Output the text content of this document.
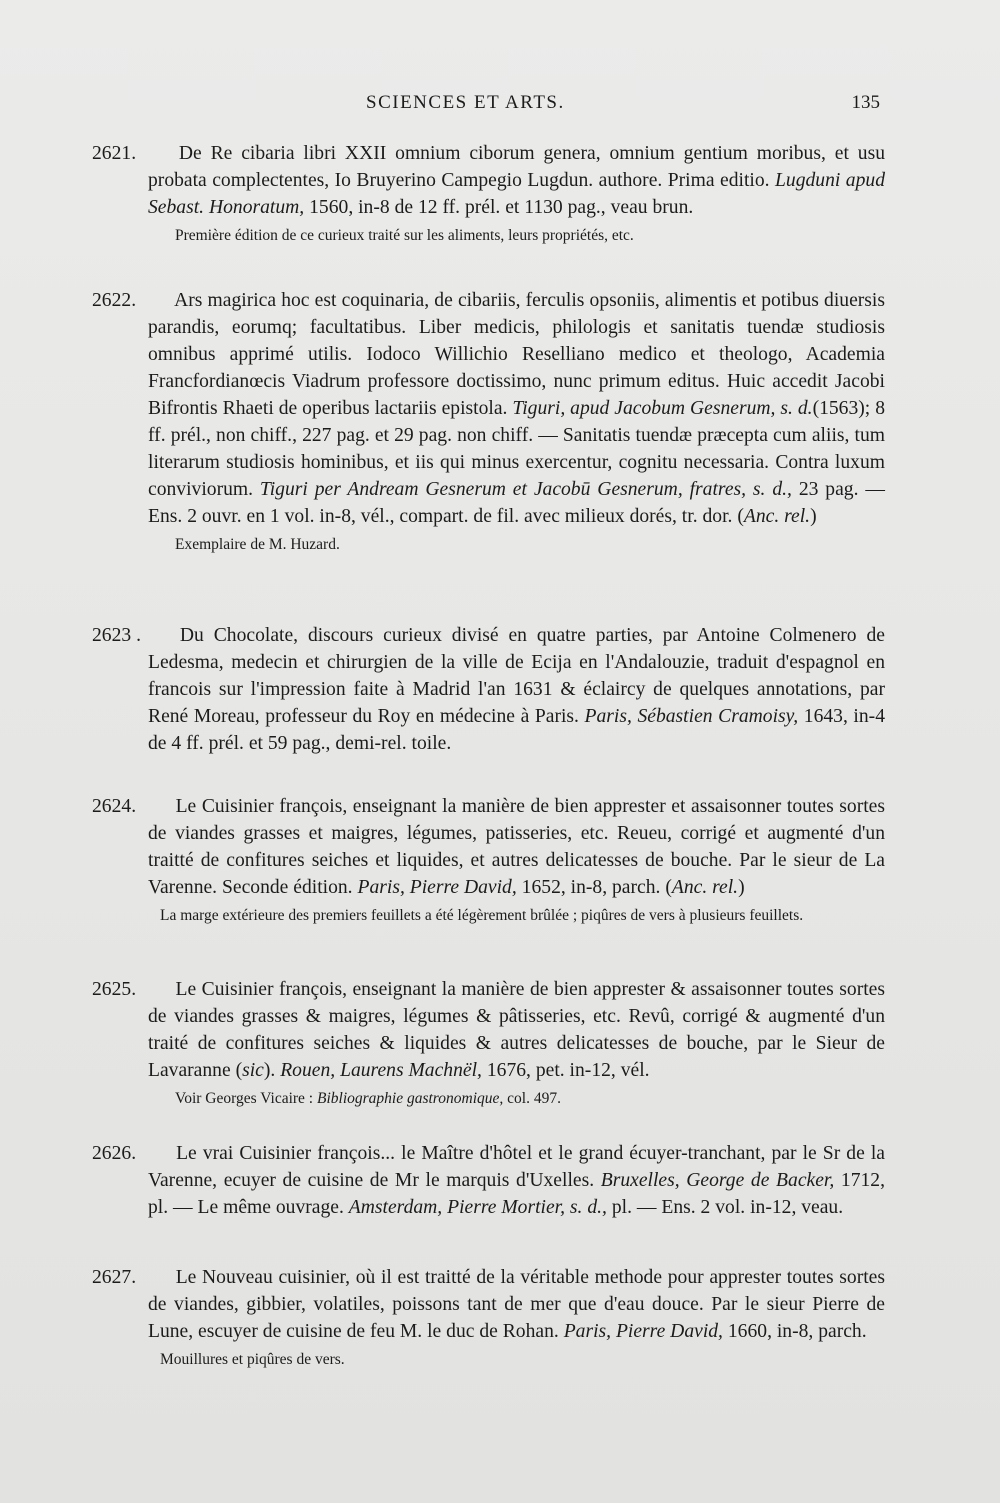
SCIENCES ET ARTS.	135

2621. De Re cibaria libri XXII omnium ciborum genera, omnium gentium moribus, et usu probata complectentes, Io Bruyerino Campegio Lugdun. authore. Prima editio. Lugduni apud Sebast. Honoratum, 1560, in-8 de 12 ff. prél. et 1130 pag., veau brun.

Première édition de ce curieux traité sur les aliments, leurs propriétés, etc.

2622. Ars magirica hoc est coquinaria, de cibariis, ferculis opsoniis, alimentis et potibus diuersis parandis, eorumq; facultatibus. Liber medicis, philologis et sanitatis tuendæ studiosis omnibus apprimé utilis. Iodoco Willichio Reselliano medico et theologo, Academia Francfordianœcis Viadrum professore doctissimo, nunc primum editus. Huic accedit Jacobi Bifrontis Rhaeti de operibus lactariis epistola. Tiguri, apud Jacobum Gesnerum, s. d.(1563); 8 ff. prél., non chiff., 227 pag. et 29 pag. non chiff. — Sanitatis tuendæ præcepta cum aliis, tum literarum studiosis hominibus, et iis qui minus exercentur, cognitu necessaria. Contra luxum conviviorum. Tiguri per Andream Gesnerum et Jacobū Gesnerum, fratres, s. d., 23 pag. — Ens. 2 ouvr. en 1 vol. in-8, vél., compart. de fil. avec milieux dorés, tr. dor. (Anc. rel.)

Exemplaire de M. Huzard.

2623 . Du Chocolate, discours curieux divisé en quatre parties, par Antoine Colmenero de Ledesma, medecin et chirurgien de la ville de Ecija en l'Andalouzie, traduit d'espagnol en francois sur l'impression faite à Madrid l'an 1631 & éclaircy de quelques annotations, par René Moreau, professeur du Roy en médecine à Paris. Paris, Sébastien Cramoisy, 1643, in-4 de 4 ff. prél. et 59 pag., demi-rel. toile.

2624. Le Cuisinier françois, enseignant la manière de bien apprester et assaisonner toutes sortes de viandes grasses et maigres, légumes, patisseries, etc. Reueu, corrigé et augmenté d'un traitté de confitures seiches et liquides, et autres delicatesses de bouche. Par le sieur de La Varenne. Seconde édition. Paris, Pierre David, 1652, in-8, parch. (Anc. rel.)

La marge extérieure des premiers feuillets a été légèrement brûlée ; piqûres de vers à plusieurs feuillets.

2625. Le Cuisinier françois, enseignant la manière de bien apprester & assaisonner toutes sortes de viandes grasses & maigres, légumes & pâtisseries, etc. Revû, corrigé & augmenté d'un traité de confitures seiches & liquides & autres delicatesses de bouche, par le Sieur de Lavaranne (sic). Rouen, Laurens Machnël, 1676, pet. in-12, vél.

Voir Georges Vicaire : Bibliographie gastronomique, col. 497.

2626. Le vrai Cuisinier françois... le Maître d'hôtel et le grand écuyer-tranchant, par le Sr de la Varenne, ecuyer de cuisine de Mr le marquis d'Uxelles. Bruxelles, George de Backer, 1712, pl. — Le même ouvrage. Amsterdam, Pierre Mortier, s. d., pl. — Ens. 2 vol. in-12, veau.

2627. Le Nouveau cuisinier, où il est traitté de la véritable methode pour apprester toutes sortes de viandes, gibbier, volatiles, poissons tant de mer que d'eau douce. Par le sieur Pierre de Lune, escuyer de cuisine de feu M. le duc de Rohan. Paris, Pierre David, 1660, in-8, parch.

Mouillures et piqûres de vers.
